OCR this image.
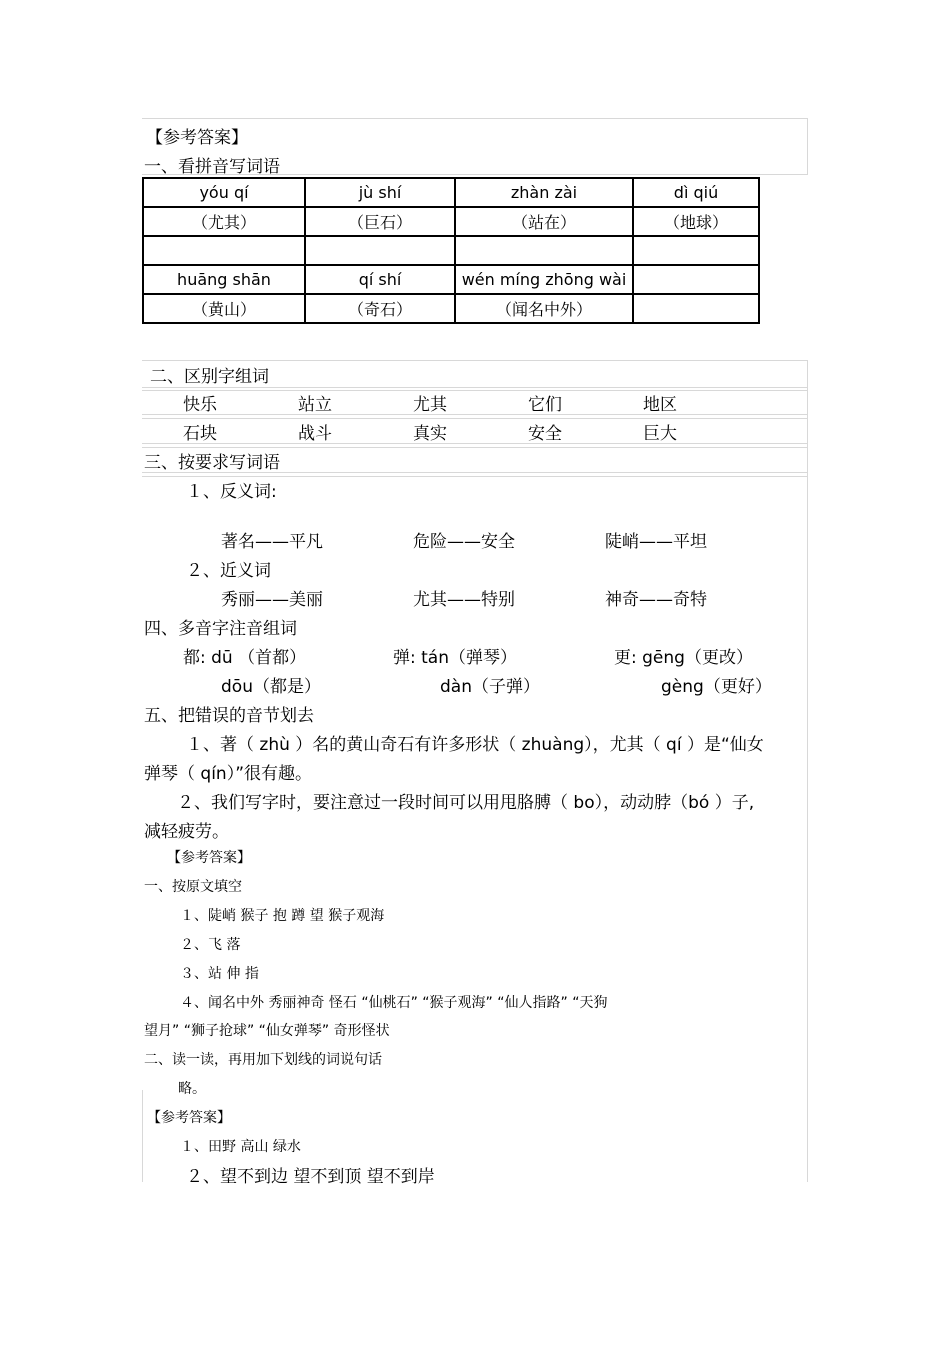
【参考答案】
一、看拼音写词语
yóu qí	jù shí	zhàn zài	dì qiú
（尤其）	（巨石）	（站在）	（地球）

huāng shān	qí shí	wén míng zhōng wài	
（黄山）	（奇石）	（闻名中外）	
二、区别字组词
快乐	站立	尤其	它们	地区
石块	战斗	真实	安全	巨大
三、按要求写词语
１、反义词:
著名——平凡	危险——安全	陡峭——平坦
２、近义词
秀丽——美丽	尤其——特别	神奇——奇特
四、多音字注音组词
都: dū （首都）	弹: tán（弹琴）	更: gēng（更改）
dōu（都是）	dàn（子弹）	gèng（更好）
五、把错误的音节划去
１、著（ zhù ）名的黄山奇石有许多形状（ zhuàng），尤其（ qí ）是“仙女
弹琴（ qín）”很有趣。
２、我们写字时，要注意过一段时间可以用甩胳膊（ bo），动动脖（bó ）子,
减轻疲劳。
【参考答案】
一、按原文填空
１、陡峭 猴子 抱 蹲 望 猴子观海
２、飞 落
３、站 伸 指
４、闻名中外 秀丽神奇 怪石 “仙桃石” “猴子观海” “仙人指路” “天狗
望月” “狮子抢球” “仙女弹琴” 奇形怪状
二、读一读，再用加下划线的词说句话
略。
【参考答案】
１、田野 高山 绿水
２、望不到边 望不到顶 望不到岸
